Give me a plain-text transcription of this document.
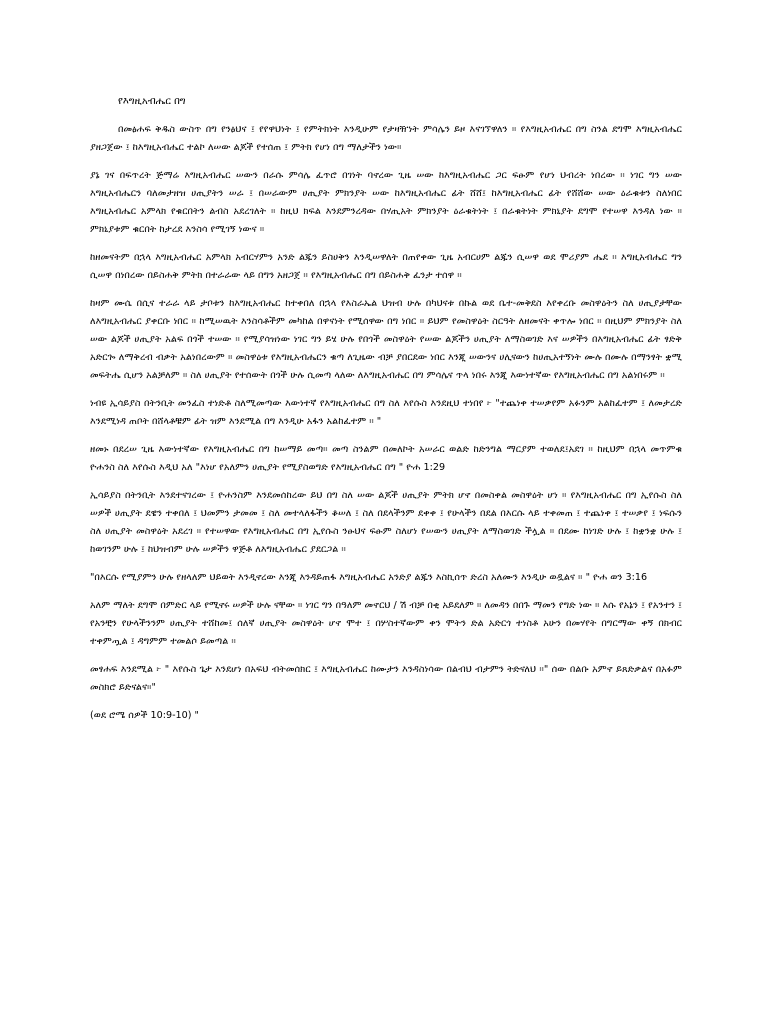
የእግዚአብሔር በግ

በመፅሐፍ ቅዱስ ውስጥ በግ የንፅህና ፤ የየዋህነት ፤ የምትክነት እንዲሁም የታዛዥነት ምሳሌን ይዞ እናገኘዋለን ። የእግዚአብሔር በግ ስንል ደግሞ እግዚአብሔር ያዘጋጀው ፤ ከእግዚአብሔር ተልኮ ለሠው ልጆች የተሰጠ ፤ ምትክ የሆነ በግ ማለታችን ነው።

ያኔ ገና በፍጥረት ጅማሬ እግዚአብሔር ሠውን በራሱ ምሳሌ ፈጥሮ በገነት ባኖረው ጊዜ ሠው ከእግዚአብሔር ጋር ፍፁም የሆነ ህብረት ነበረው ። ነገር ግን ሠው እግዚአብሔርን ባለመታዘዝ ሀጢያትን ሠራ ፤ በሠራውም ሀጢያት ምክንያት ሠው ከእግዚአብሔር ፊት ሸሸ፤ ከእግዚአብሔር ፊት የሸሸው ሠው ዕራቁቱን ስለነበር እግዚአብሔር አምላክ የቁርበትን ልብስ አደረገለት ። ከዚህ ክፍል እንደምንረዳው በሃጢአት ምክንያት ዕራቁትነት ፤ በራቁትነት ምክኒያት ደግሞ የተሠዋ እንዳለ ነው ። ምክኒያቱም ቁርበት ከታረደ እንስሳ የሚገኝ ነውና ።

ከዘመናትም በኋላ እግዚአብሔር አምላክ አብርሃምን አንድ ልጁን ይስሀቅን እንዲሠዋለት በጠየቀው ጊዜ አብርሀም ልጁን ሲሠዋ ወደ ሞሪያም ሔደ ። እግዚአብሔር ግን ሲሠዋ በነበረው በይስሐቅ ምትክ በተራራው ላይ በግን አዘጋጀ ። የእግዚአብሔር በግ በይስሐቅ ፈንታ ተሰዋ ።

ከዛም ሙሴ በሲና ተራራ ላይ ታቦቱን ከእግዚአብሔር ከተቀበለ በኋላ የእስራኤል ህዝብ ሁሉ በካህናቱ በኩል ወደ ቤተ-መቅደስ እየቀረቡ መስዋዕትን ስለ ሀጢያታቸው ለእግዚአብሔር ያቀርቡ ነበር ። ከሚሠዉት እንስሳቶችም መካከል በዋናነት የሚሰዋው በግ ነበር ። ይህም የመስዋዕት ስርዓት ለዘመናት ቀጥሎ ነበር ። በዚህም ምክንያት ስለ ሠው ልጆች ሀጢያት አልፍ በጎች ተሠው ። የሚያሳዝነው ነገር ግን ይሄ ሁሉ የበጎች መስዋዕት የሠው ልጆችን ሀጢያት ለማስወገድ እና ሠዎችን በእግዚአብሔር ፊት ፃድቅ አድርጐ ለማቅረብ ብቃት አልነበረውም ። መስዋዕቱ የእግዚአብሔርን ቁጣ ለጊዜው ብቻ ያበርደው ነበር እንጂ ሠውንና ሀሊናውን ከሀጢአተኝነት ሙሉ በሙሉ በማንፃት ቋሚ መፍትሔ ሲሆን አልቻለም ። ስለ ሀጢያት የተሰውት በጎች ሁሉ ሲመጣ ላለው ለእግዚአብሔር በግ ምሳሌና ጥላ ነበሩ እንጂ እውነተኛው የእግዚአብሔር በግ አልነበሩም ።

ነብዩ ኢሳይያስ በትንቢት መንፈስ ተነድቶ ስለሚመጣው እውነተኛ የእግዚአብሔር በግ ስለ እየሱስ እንደዚህ ተነበየ ፦ "ተጨነቀ ተሠቃየም አፉንም አልከፈተም ፤ ለመታረድ እንደሚነዳ ጠቦት በሸላቶቹም ፊት ዝም እንደሚል በግ እንዲሁ አፋን አልከፈተም ። "

ዘመኑ በደረሠ ጊዜ እውነተኛው የእግዚአብሔር በግ ከሠማይ መጣ። መጣ ስንልም በመለኮት አሠራር ወልድ ከድንግል ማርያም ተወለደ፤አደገ ። ከዚህም በኋላ መጥምቁ ዮሐንስ ስለ እየሱስ እዲህ አለ "እነሆ የአለምን ሀጢያት የሚያስወግድ የእግዚአብሔር በግ " ዮሐ 1:29

ኢሳይያስ በትንቢት እንደተናገረው ፤ ዮሐንስም እንደመሰከረው ይህ በግ ስለ ሠው ልጆች ሀጢያት ምትክ ሆኖ በመስቀል መስዋዕት ሆነ ። የእግዚአብሔር በግ ኢየሱስ ስለ ሠዎች ሀጢያት ደዌን ተቀበለ ፤ ህመምን ታመመ ፤ ስለ መተላለፋችን ቆሠለ ፤ ስለ በደላችንም ደቀቀ ፤ የሁላችን በደል በእርሱ ላይ ተቀመጠ ፤ ተጨነቀ ፤ ተሠቃየ ፤ ነፍሱን ስለ ሀጢያት መስዋዕት አደረገ ። የተሠዋው የእግዚአብሔር በግ ኢየሱስ ንፁህና ፍፁም ስለሆነ የሠውን ሀጢያት ለማስወገድ ችሏል ። በደሙ ከነገድ ሁሉ ፤ ከቋንቋ ሁሉ ፤ ከወገንም ሁሉ ፤ ከህዝብም ሁሉ ሠዎችን ዋጅቶ ለእግዚአብሔር ያደርጋል ።

"በእርሱ የሚያምን ሁሉ የዘላለም ህይወት እንዲኖረው እንጂ እንዳይጠፋ እግዚአብሔር አንድያ ልጁን እስኪሰጥ ድረስ አለሙን እንዲሁ ወዷልና ። " ዮሐ ወን 3:16

አለም ማለት ደግሞ በምድር ላይ የሚኖሩ ሠዎች ሁሉ ናቸው ። ነገር ግን በዓለም መኖርህ / ሽ ብቻ በቂ አይደለም ። ለመዳን በበጉ ማመን የግድ ነው ። እሱ የአኔን ፤ የአንተን ፤ የአንቺን የሁላችንንም ሀጢያት ተሸከመ፤ ሰለኛ ሀጢያት መስዋዕት ሆኖ ሞተ ፤ በሦስተኛውም ቀን ሞትን ድል አድርጎ ተነስቶ አሁን በመሃየት በግርማው ቀኝ በክብር ተቀምጧል ፤ ዳግምም ተመልሶ ይመጣል ።

መፃሐፍ እንደሚል ፦ " እየሱስ ጌታ እንደሆነ በአፍህ ብትመሰክር ፤ እግዚአብሔር ከሙታን እንዳስነሳው በልብህ ብታምን ትድናለህ ።" ሰው በልቡ አምኖ ይጸድቃልና በአፉም መስክሮ ይድናልና።"

(ወደ ሮሜ ሰዎች 10:9-10) "
